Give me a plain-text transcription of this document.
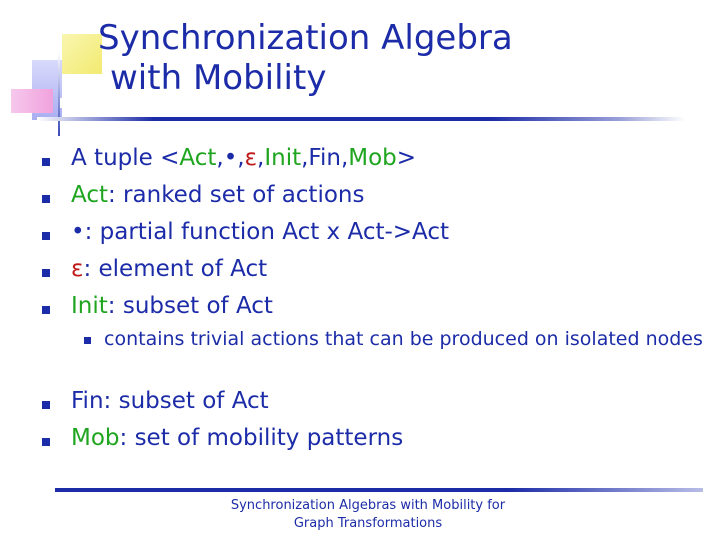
Synchronization Algebra
with Mobility
A tuple <Act,•,ε,Init,Fin,Mob>
Act: ranked set of actions
•: partial function Act x Act->Act
ε: element of Act
Init: subset of Act
contains trivial actions that can be produced on isolated nodes
Fin: subset of Act
Mob: set of mobility patterns
Synchronization Algebras with Mobility for Graph Transformations
